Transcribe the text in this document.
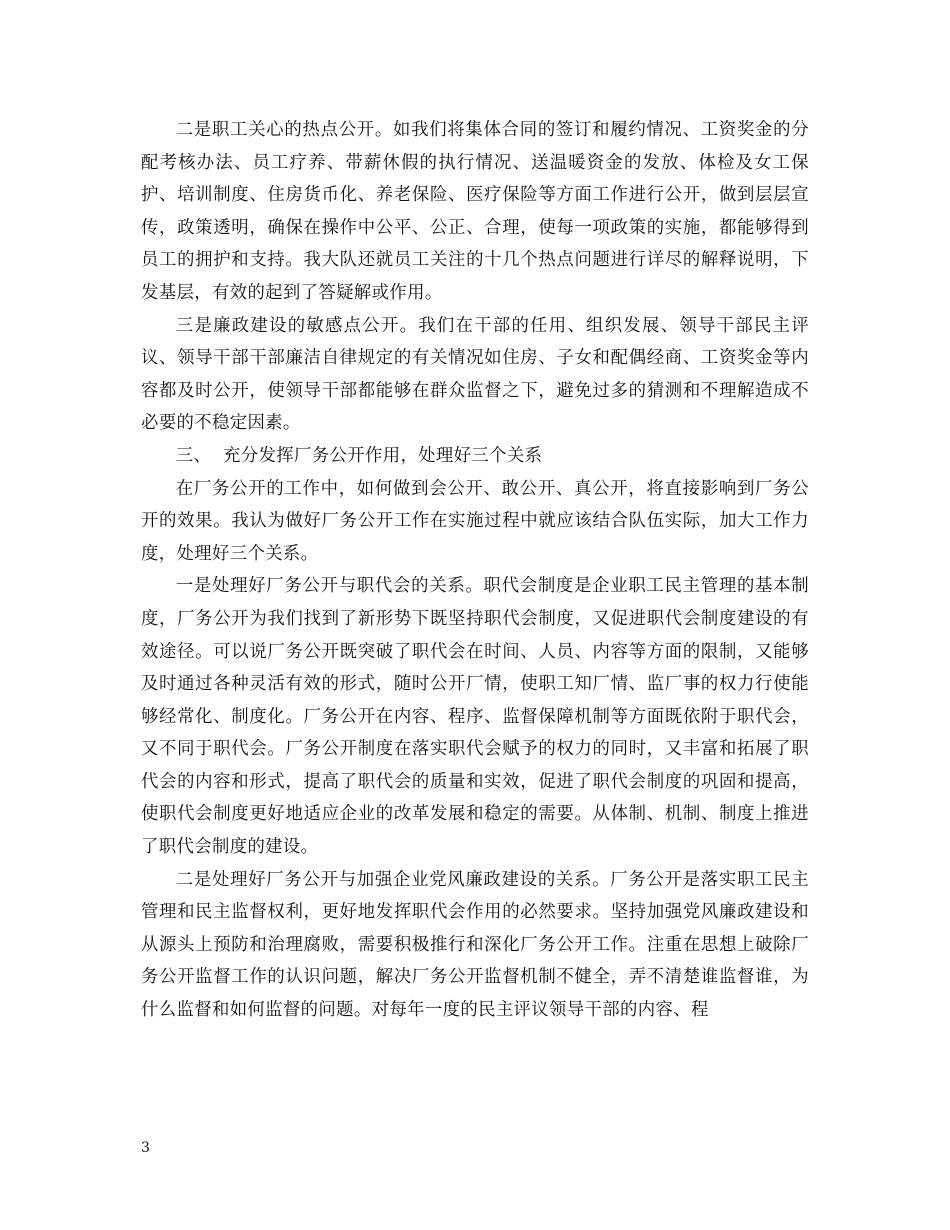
二是职工关心的热点公开。如我们将集体合同的签订和履约情况、工资奖金的分配考核办法、员工疗养、带薪休假的执行情况、送温暖资金的发放、体检及女工保护、培训制度、住房货币化、养老保险、医疗保险等方面工作进行公开，做到层层宣传，政策透明，确保在操作中公平、公正、合理，使每一项政策的实施，都能够得到员工的拥护和支持。我大队还就员工关注的十几个热点问题进行详尽的解释说明，下发基层，有效的起到了答疑解或作用。

三是廉政建设的敏感点公开。我们在干部的任用、组织发展、领导干部民主评议、领导干部干部廉洁自律规定的有关情况如住房、子女和配偶经商、工资奖金等内容都及时公开，使领导干部都能够在群众监督之下，避免过多的猜测和不理解造成不必要的不稳定因素。

三、  充分发挥厂务公开作用，处理好三个关系

在厂务公开的工作中，如何做到会公开、敢公开、真公开，将直接影响到厂务公开的效果。我认为做好厂务公开工作在实施过程中就应该结合队伍实际，加大工作力度，处理好三个关系。

一是处理好厂务公开与职代会的关系。职代会制度是企业职工民主管理的基本制度，厂务公开为我们找到了新形势下既坚持职代会制度，又促进职代会制度建设的有效途径。可以说厂务公开既突破了职代会在时间、人员、内容等方面的限制，又能够及时通过各种灵活有效的形式，随时公开厂情，使职工知厂情、监厂事的权力行使能够经常化、制度化。厂务公开在内容、程序、监督保障机制等方面既依附于职代会，又不同于职代会。厂务公开制度在落实职代会赋予的权力的同时，又丰富和拓展了职代会的内容和形式，提高了职代会的质量和实效，促进了职代会制度的巩固和提高，使职代会制度更好地适应企业的改革发展和稳定的需要。从体制、机制、制度上推进了职代会制度的建设。

二是处理好厂务公开与加强企业党风廉政建设的关系。厂务公开是落实职工民主管理和民主监督权利，更好地发挥职代会作用的必然要求。坚持加强党风廉政建设和从源头上预防和治理腐败，需要积极推行和深化厂务公开工作。注重在思想上破除厂务公开监督工作的认识问题，解决厂务公开监督机制不健全，弄不清楚谁监督谁，为什么监督和如何监督的问题。对每年一度的民主评议领导干部的内容、程

3
